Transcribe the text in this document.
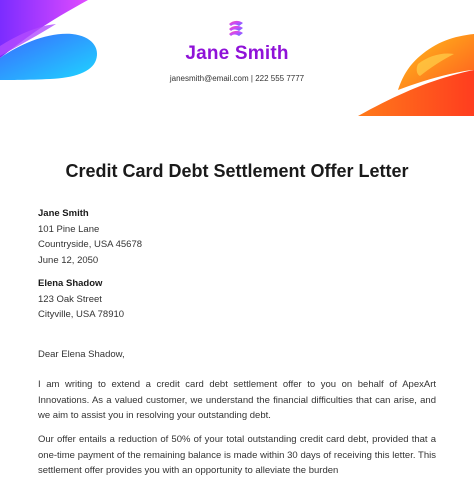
Jane Smith
janesmith@email.com | 222 555 7777
Credit Card Debt Settlement Offer Letter
Jane Smith
101 Pine Lane
Countryside, USA 45678
June 12, 2050
Elena Shadow
123 Oak Street
Cityville, USA 78910
Dear Elena Shadow,
I am writing to extend a credit card debt settlement offer to you on behalf of ApexArt Innovations. As a valued customer, we understand the financial difficulties that can arise, and we aim to assist you in resolving your outstanding debt.
Our offer entails a reduction of 50% of your total outstanding credit card debt, provided that a one-time payment of the remaining balance is made within 30 days of receiving this letter. This settlement offer provides you with an opportunity to alleviate the burden
